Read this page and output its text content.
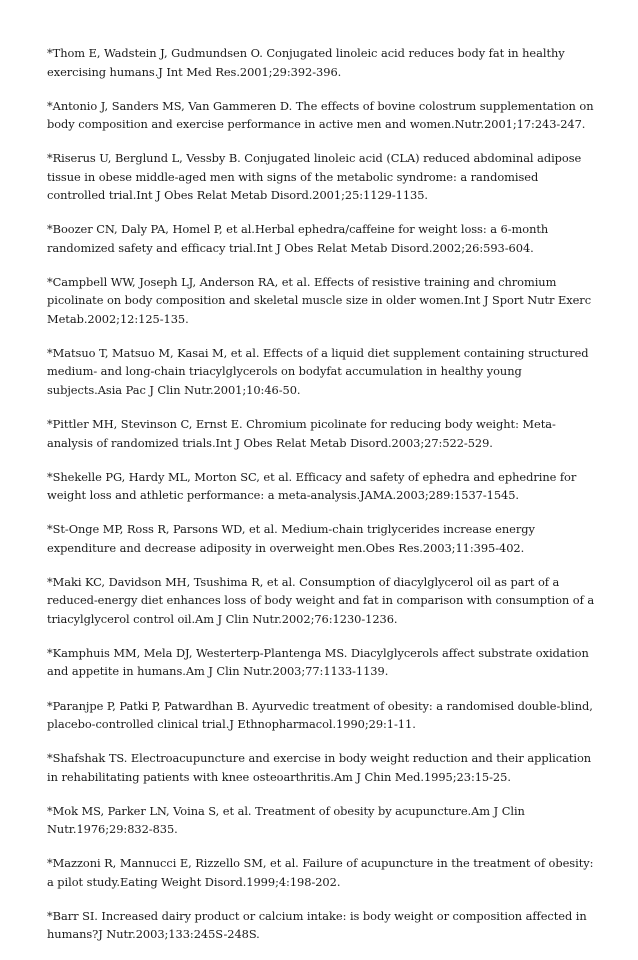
*Thom E, Wadstein J, Gudmundsen O. Conjugated linoleic acid reduces body fat in healthy exercising humans.J Int Med Res.2001;29:392-396.
*Antonio J, Sanders MS, Van Gammeren D. The effects of bovine colostrum supplementation on body composition and exercise performance in active men and women.Nutr.2001;17:243-247.
*Riserus U, Berglund L, Vessby B. Conjugated linoleic acid (CLA) reduced abdominal adipose tissue in obese middle-aged men with signs of the metabolic syndrome: a randomised controlled trial.Int J Obes Relat Metab Disord.2001;25:1129-1135.
*Boozer CN, Daly PA, Homel P, et al.Herbal ephedra/caffeine for weight loss: a 6-month randomized safety and efficacy trial.Int J Obes Relat Metab Disord.2002;26:593-604.
*Campbell WW, Joseph LJ, Anderson RA, et al. Effects of resistive training and chromium picolinate on body composition and skeletal muscle size in older women.Int J Sport Nutr Exerc Metab.2002;12:125-135.
*Matsuo T, Matsuo M, Kasai M, et al. Effects of a liquid diet supplement containing structured medium- and long-chain triacylglycerols on bodyfat accumulation in healthy young subjects.Asia Pac J Clin Nutr.2001;10:46-50.
*Pittler MH, Stevinson C, Ernst E. Chromium picolinate for reducing body weight: Meta-analysis of randomized trials.Int J Obes Relat Metab Disord.2003;27:522-529.
*Shekelle PG, Hardy ML, Morton SC, et al. Efficacy and safety of ephedra and ephedrine for weight loss and athletic performance: a meta-analysis.JAMA.2003;289:1537-1545.
*St-Onge MP, Ross R, Parsons WD, et al. Medium-chain triglycerides increase energy expenditure and decrease adiposity in overweight men.Obes Res.2003;11:395-402.
*Maki KC, Davidson MH, Tsushima R, et al. Consumption of diacylglycerol oil as part of a reduced-energy diet enhances loss of body weight and fat in comparison with consumption of a triacylglycerol control oil.Am J Clin Nutr.2002;76:1230-1236.
*Kamphuis MM, Mela DJ, Westerterp-Plantenga MS. Diacylglycerols affect substrate oxidation and appetite in humans.Am J Clin Nutr.2003;77:1133-1139.
*Paranjpe P, Patki P, Patwardhan B. Ayurvedic treatment of obesity: a randomised double-blind, placebo-controlled clinical trial.J Ethnopharmacol.1990;29:1-11.
*Shafshak TS. Electroacupuncture and exercise in body weight reduction and their application in rehabilitating patients with knee osteoarthritis.Am J Chin Med.1995;23:15-25.
*Mok MS, Parker LN, Voina S, et al. Treatment of obesity by acupuncture.Am J Clin Nutr.1976;29:832-835.
*Mazzoni R, Mannucci E, Rizzello SM, et al. Failure of acupuncture in the treatment of obesity: a pilot study.Eating Weight Disord.1999;4:198-202.
*Barr SI. Increased dairy product or calcium intake: is body weight or composition affected in humans?J Nutr.2003;133:245S-248S.
